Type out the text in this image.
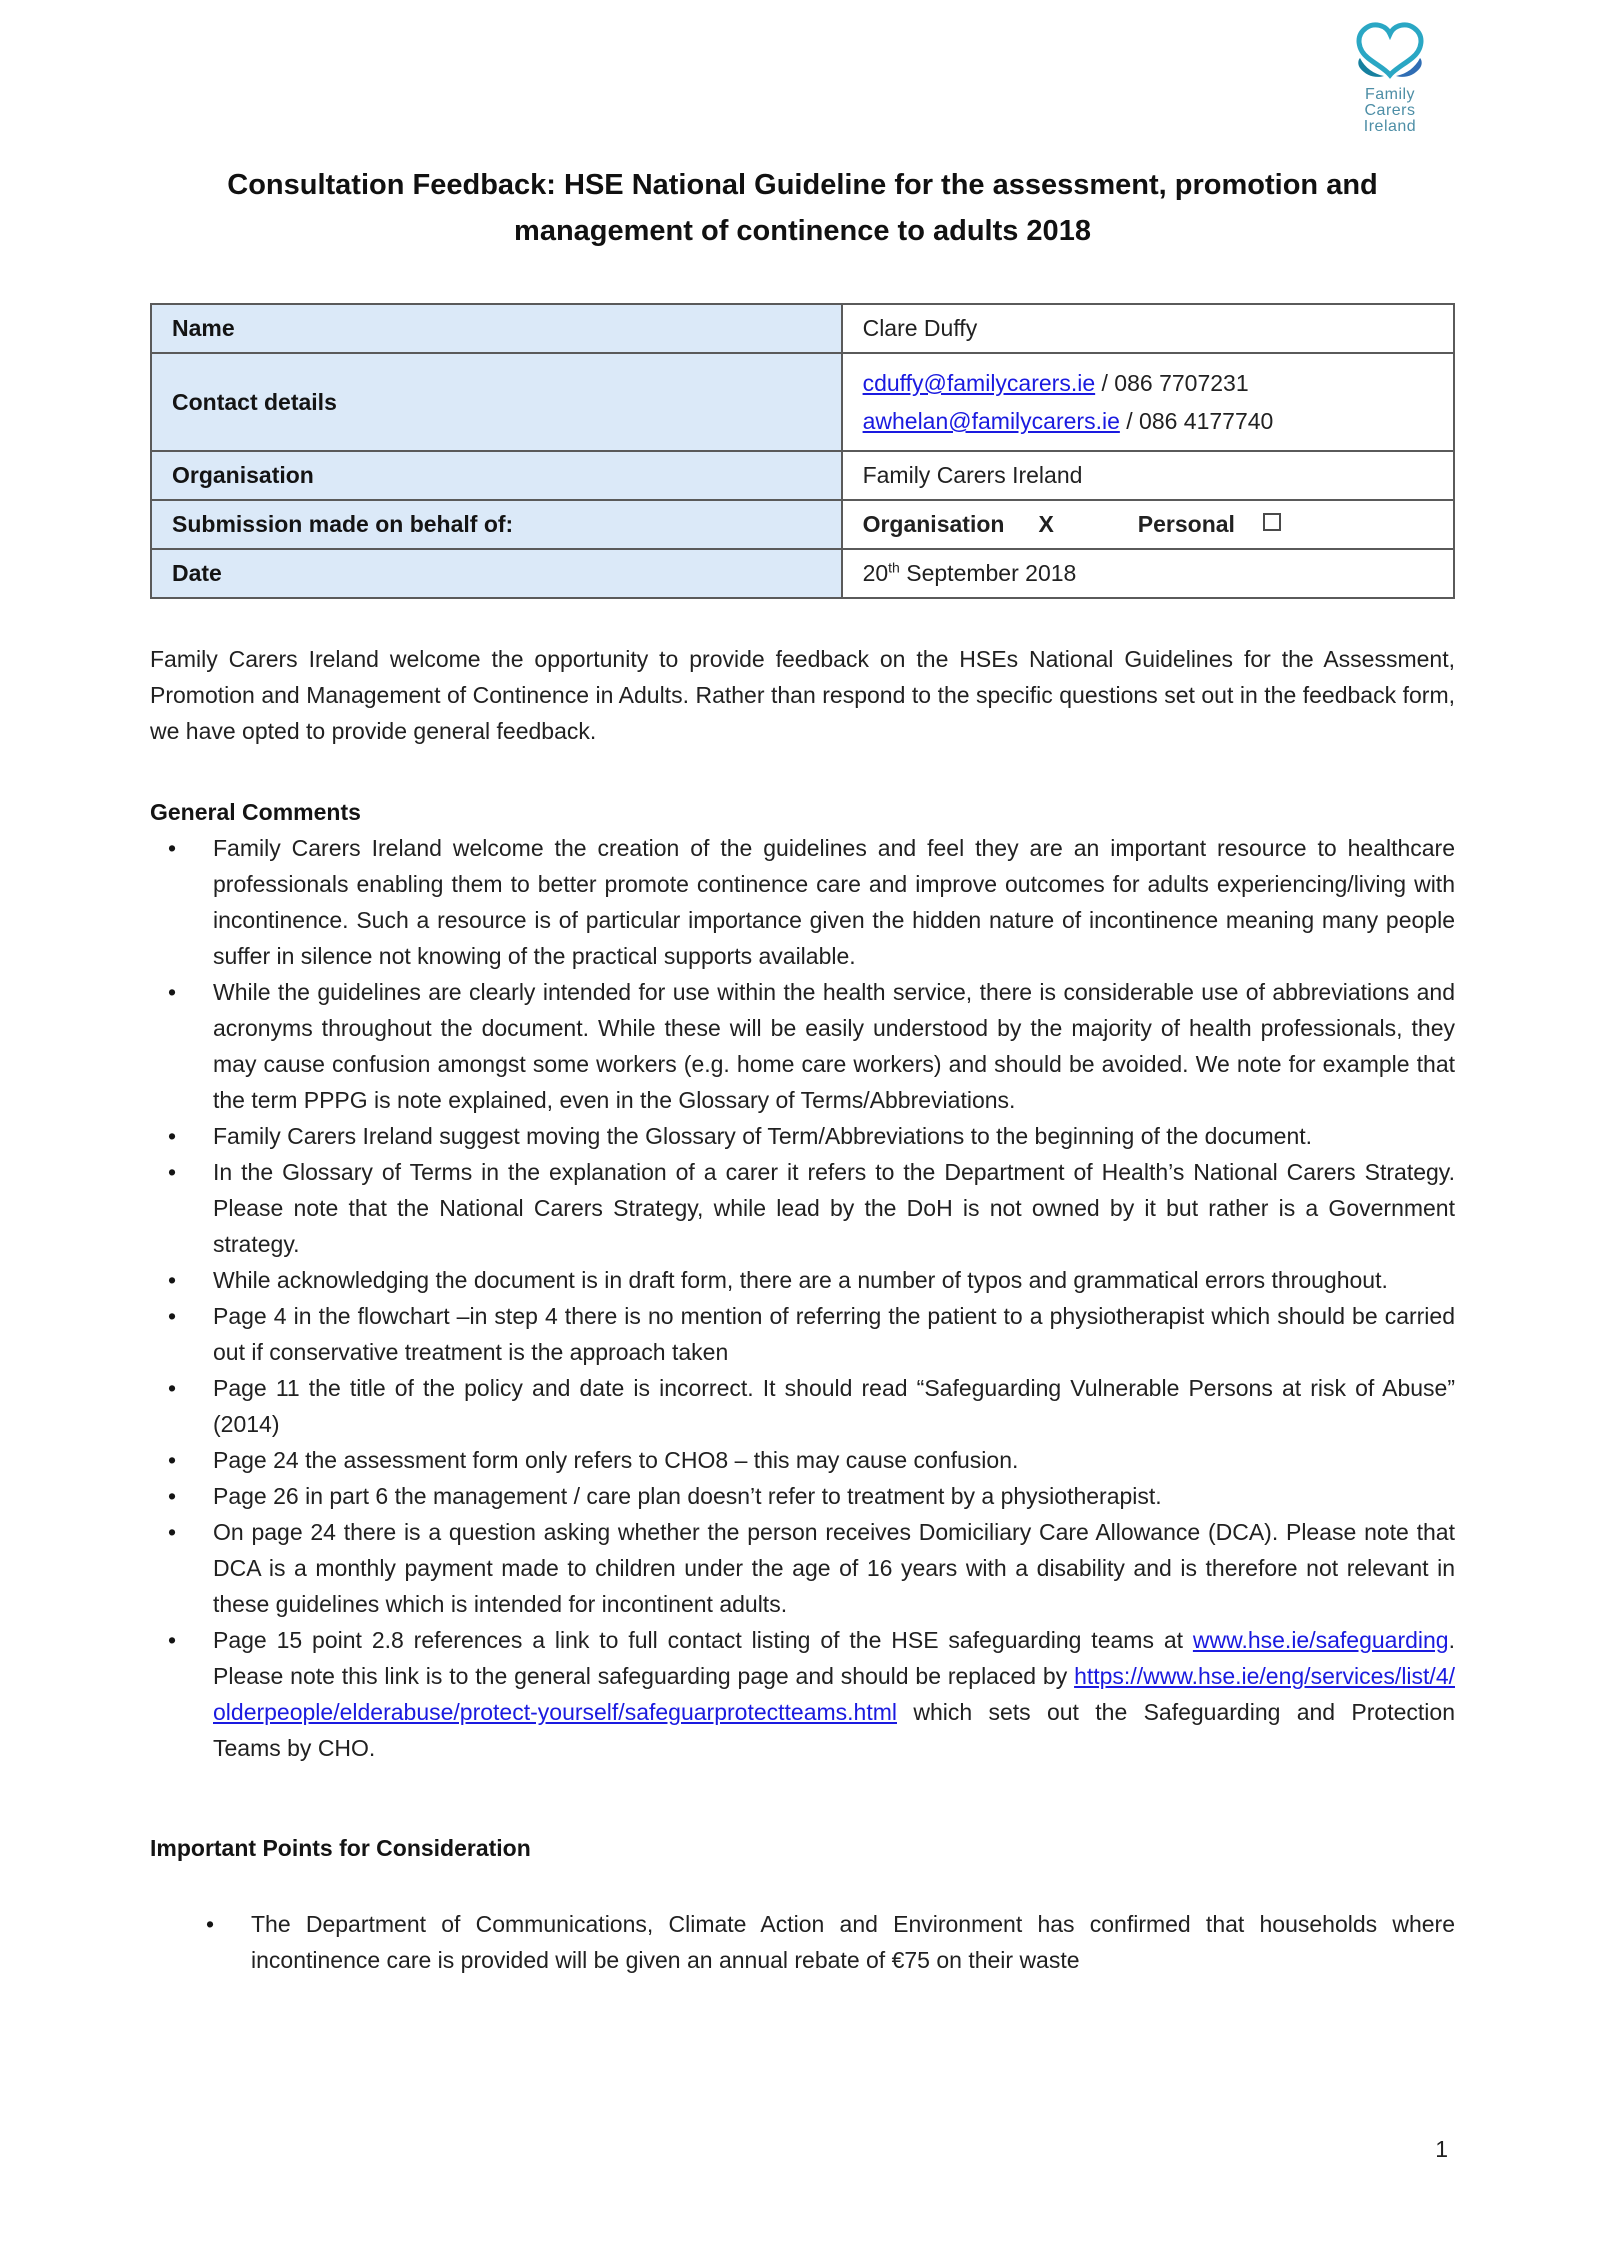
Family
Carers
Ireland
Consultation Feedback: HSE National Guideline for the assessment, promotion and
management of continence to adults 2018
Name	Clare Duffy
Contact details	cduffy@familycarers.ie / 086 7707231
awhelan@familycarers.ie / 086 4177740

Organisation	Family Carers Ireland
Submission made on behalf of:	Organisation X Personal
Date	20th September 2018

Family Carers Ireland welcome the opportunity to provide feedback on the HSEs National Guidelines for the Assessment, Promotion and Management of Continence in Adults. Rather than respond to the specific questions set out in the feedback form, we have opted to provide general feedback.

General Comments
• Family Carers Ireland welcome the creation of the guidelines and feel they are an important resource to healthcare professionals enabling them to better promote continence care and improve outcomes for adults experiencing/living with incontinence. Such a resource is of particular importance given the hidden nature of incontinence meaning many people suffer in silence not knowing of the practical supports available.
• While the guidelines are clearly intended for use within the health service, there is considerable use of abbreviations and acronyms throughout the document. While these will be easily understood by the majority of health professionals, they may cause confusion amongst some workers (e.g. home care workers) and should be avoided. We note for example that the term PPPG is note explained, even in the Glossary of Terms/Abbreviations.
• Family Carers Ireland suggest moving the Glossary of Term/Abbreviations to the beginning of the document.
• In the Glossary of Terms in the explanation of a carer it refers to the Department of Health’s National Carers Strategy. Please note that the National Carers Strategy, while lead by the DoH is not owned by it but rather is a Government strategy.
• While acknowledging the document is in draft form, there are a number of typos and grammatical errors throughout.
• Page 4 in the flowchart –in step 4 there is no mention of referring the patient to a physiotherapist which should be carried out if conservative treatment is the approach taken
• Page 11 the title of the policy and date is incorrect. It should read “Safeguarding Vulnerable Persons at risk of Abuse” (2014)
• Page 24 the assessment form only refers to CHO8 – this may cause confusion.
• Page 26 in part 6 the management / care plan doesn’t refer to treatment by a physiotherapist.
• On page 24 there is a question asking whether the person receives Domiciliary Care Allowance (DCA). Please note that DCA is a monthly payment made to children under the age of 16 years with a disability and is therefore not relevant in these guidelines which is intended for incontinent adults.
• Page 15 point 2.8 references a link to full contact listing of the HSE safeguarding teams at www.hse.ie/safeguarding. Please note this link is to the general safeguarding page and should be replaced by https://www.hse.ie/eng/services/list/4/olderpeople/elderabuse/protect-yourself/safeguarprotectteams.html which sets out the Safeguarding and Protection Teams by CHO.
Important Points for Consideration
• The Department of Communications, Climate Action and Environment has confirmed that households where incontinence care is provided will be given an annual rebate of €75 on their waste
1
